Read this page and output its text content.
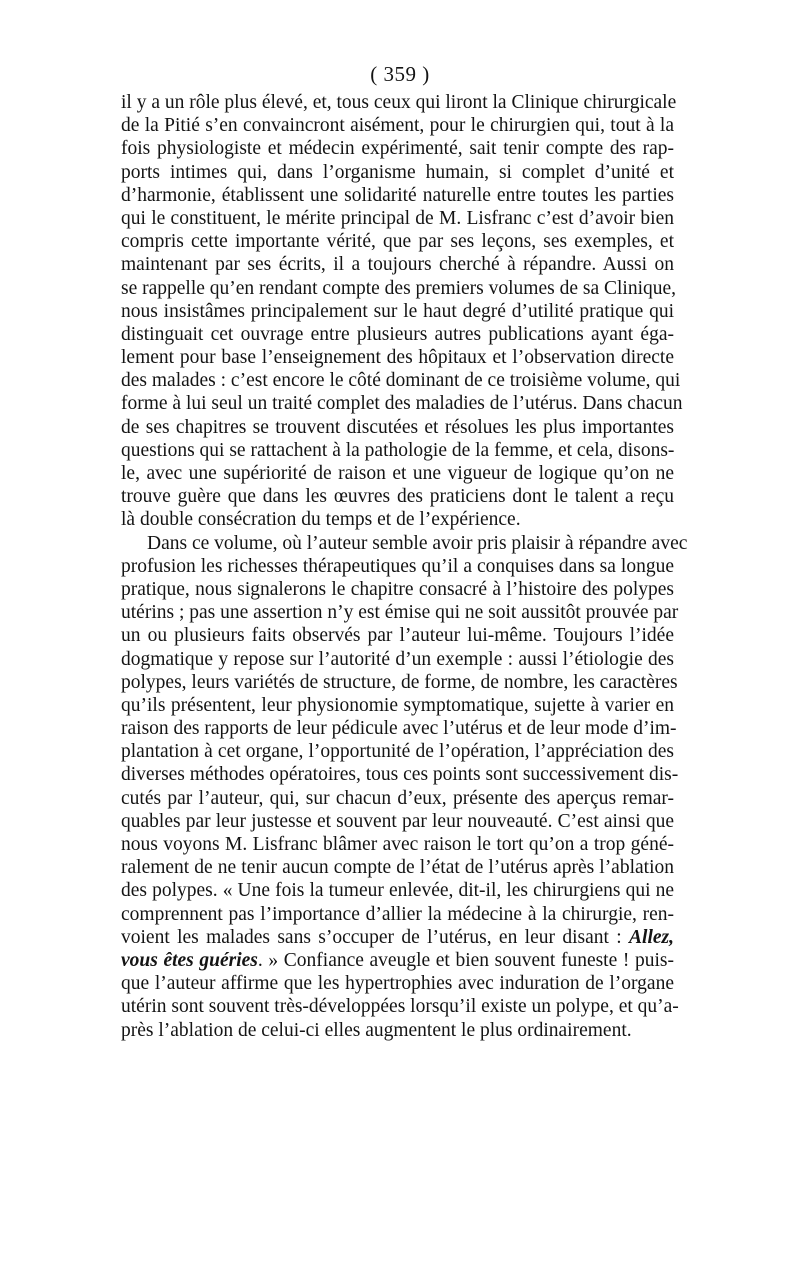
( 359 )
il y a un rôle plus élevé, et, tous ceux qui liront la Clinique chirurgicale
de la Pitié s’en convaincront aisément, pour le chirurgien qui, tout à la
fois physiologiste et médecin expérimenté, sait tenir compte des rap-
ports intimes qui, dans l’organisme humain, si complet d’unité et
d’harmonie, établissent une solidarité naturelle entre toutes les parties
qui le constituent, le mérite principal de M. Lisfranc c’est d’avoir bien
compris cette importante vérité, que par ses leçons, ses exemples, et
maintenant par ses écrits, il a toujours cherché à répandre. Aussi on
se rappelle qu’en rendant compte des premiers volumes de sa Clinique,
nous insistâmes principalement sur le haut degré d’utilité pratique qui
distinguait cet ouvrage entre plusieurs autres publications ayant éga-
lement pour base l’enseignement des hôpitaux et l’observation directe
des malades : c’est encore le côté dominant de ce troisième volume, qui
forme à lui seul un traité complet des maladies de l’utérus. Dans chacun
de ses chapitres se trouvent discutées et résolues les plus importantes
questions qui se rattachent à la pathologie de la femme, et cela, disons-
le, avec une supériorité de raison et une vigueur de logique qu’on ne
trouve guère que dans les œuvres des praticiens dont le talent a reçu
là double consécration du temps et de l’expérience.
Dans ce volume, où l’auteur semble avoir pris plaisir à répandre avec
profusion les richesses thérapeutiques qu’il a conquises dans sa longue
pratique, nous signalerons le chapitre consacré à l’histoire des polypes
utérins ; pas une assertion n’y est émise qui ne soit aussitôt prouvée par
un ou plusieurs faits observés par l’auteur lui-même. Toujours l’idée
dogmatique y repose sur l’autorité d’un exemple : aussi l’étiologie des
polypes, leurs variétés de structure, de forme, de nombre, les caractères
qu’ils présentent, leur physionomie symptomatique, sujette à varier en
raison des rapports de leur pédicule avec l’utérus et de leur mode d’im-
plantation à cet organe, l’opportunité de l’opération, l’appréciation des
diverses méthodes opératoires, tous ces points sont successivement dis-
cutés par l’auteur, qui, sur chacun d’eux, présente des aperçus remar-
quables par leur justesse et souvent par leur nouveauté. C’est ainsi que
nous voyons M. Lisfranc blâmer avec raison le tort qu’on a trop géné-
ralement de ne tenir aucun compte de l’état de l’utérus après l’ablation
des polypes. « Une fois la tumeur enlevée, dit-il, les chirurgiens qui ne
comprennent pas l’importance d’allier la médecine à la chirurgie, ren-
voient les malades sans s’occuper de l’utérus, en leur disant : Allez,
vous êtes guéries. » Confiance aveugle et bien souvent funeste ! puis-
que l’auteur affirme que les hypertrophies avec induration de l’organe
utérin sont souvent très-développées lorsqu’il existe un polype, et qu’a-
près l’ablation de celui-ci elles augmentent le plus ordinairement.
